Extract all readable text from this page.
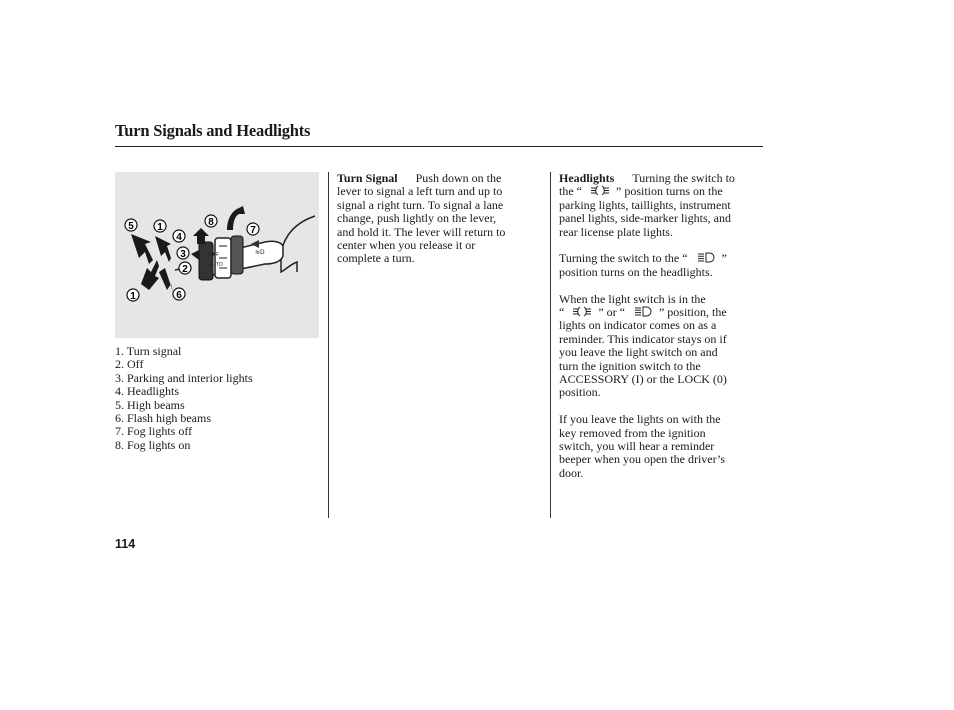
Turn Signals and Headlights
OFF
AUTO
≋D
5 1
4
3
2
8
7
1	6
1. Turn signal
2. Off
3. Parking and interior lights
4. Headlights
5. High beams
6. Flash high beams
7. Fog lights off
8. Fog lights on
Turn Signal Push down on the
lever to signal a left turn and up to
signal a right turn. To signal a lane
change, push lightly on the lever,
and hold it. The lever will return to
center when you release it or
complete a turn.

Headlights Turning the switch to
the “	” position turns on the
parking lights, taillights, instrument
panel lights, side-marker lights, and
rear license plate lights.

Turning the switch to the “	”
position turns on the headlights.

When the light switch is in the
“	” or “	” position, the
lights on indicator comes on as a
reminder. This indicator stays on if
you leave the light switch on and
turn the ignition switch to the
ACCESSORY (I) or the LOCK (0)
position.

If you leave the lights on with the
key removed from the ignition
switch, you will hear a reminder
beeper when you open the driver’s
door.

114
